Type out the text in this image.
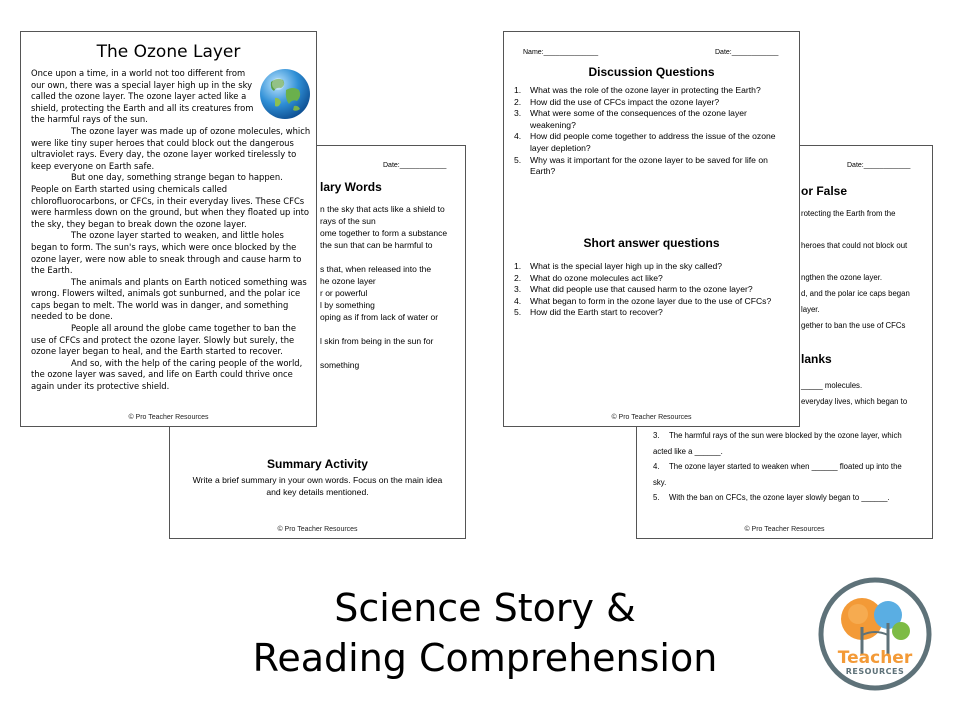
Date:____________
lary Words
n the sky that acts like a shield to
rays of the sun
ome together to form a substance
the sun that can be harmful to
s that, when released into the
he ozone layer
r or powerful
l by something
oping as if from lack of water or
l skin from being in the sun for
something
Summary Activity
Write a brief summary in your own words. Focus on the main idea and key details mentioned.
© Pro Teacher Resources
Date:____________
or False
rotecting the Earth from the
heroes that could not block out
ngthen the ozone layer.
d, and the polar ice caps began
layer.
gether to ban the use of CFCs
lanks
_____ molecules.
everyday lives, which began to
3. The harmful rays of the sun were blocked by the ozone layer, which
acted like a ______.
4. The ozone layer started to weaken when ______ floated up into the
sky.
5. With the ban on CFCs, the ozone layer slowly began to ______.
© Pro Teacher Resources
The Ozone Layer

Once upon a time, in a world not too different from our own, there was a special layer high up in the sky called the ozone layer. The ozone layer acted like a shield, protecting the Earth and all its creatures from the harmful rays of the sun.

The ozone layer was made up of ozone molecules, which were like tiny super heroes that could block out the dangerous ultraviolet rays. Every day, the ozone layer worked tirelessly to keep everyone on Earth safe.

But one day, something strange began to happen. People on Earth started using chemicals called chlorofluorocarbons, or CFCs, in their everyday lives. These CFCs were harmless down on the ground, but when they floated up into the sky, they began to break down the ozone layer.

The ozone layer started to weaken, and little holes began to form. The sun's rays, which were once blocked by the ozone layer, were now able to sneak through and cause harm to the Earth.

The animals and plants on Earth noticed something was wrong. Flowers wilted, animals got sunburned, and the polar ice caps began to melt. The world was in danger, and something needed to be done.

People all around the globe came together to ban the use of CFCs and protect the ozone layer. Slowly but surely, the ozone layer began to heal, and the Earth started to recover.

And so, with the help of the caring people of the world, the ozone layer was saved, and life on Earth could thrive once again under its protective shield.

© Pro Teacher Resources
Name:______________	Date:____________
Discussion Questions
1. What was the role of the ozone layer in protecting the Earth?
2. How did the use of CFCs impact the ozone layer?
3. What were some of the consequences of the ozone layer weakening?
4. How did people come together to address the issue of the ozone layer depletion?
5. Why was it important for the ozone layer to be saved for life on Earth?
Short answer questions
1. What is the special layer high up in the sky called?
2. What do ozone molecules act like?
3. What did people use that caused harm to the ozone layer?
4. What began to form in the ozone layer due to the use of CFCs?
5. How did the Earth start to recover?
© Pro Teacher Resources
Science Story &
Reading Comprehension	Teacher
RESOURCES
